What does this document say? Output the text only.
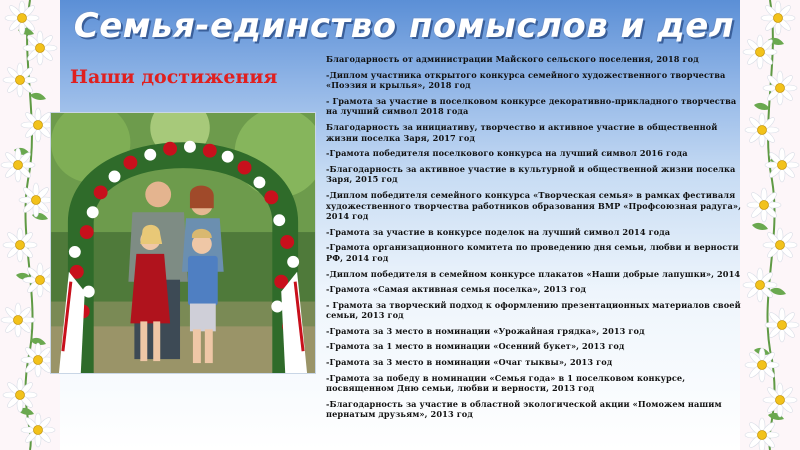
Семья-единство помыслов и дел
Наши достижения
Благодарность от администрации Майского сельского поселения, 2018 год
-Диплом участника открытого конкурса семейного художественного творчества «Поэзия и крылья», 2018 год
- Грамота за участие в поселковом конкурсе декоративно-прикладного творчества на лучший символ 2018 года
Благодарность за инициативу, творчество и активное участие в общественной жизни поселка Заря, 2017 год
-Грамота победителя поселкового конкурса на лучший символ 2016 года
-Благодарность за активное участие в культурной и общественной жизни поселка Заря, 2015 год
-Диплом победителя семейного конкурса «Творческая семья» в рамках фестиваля художественного творчества работников образования ВМР «Профсоюзная радуга», 2014 год
-Грамота за участие в конкурсе поделок на лучший символ 2014 года
-Грамота организационного комитета по проведению дня семьи, любви и верности РФ, 2014 год
-Диплом победителя в семейном конкурсе плакатов «Наши добрые лапушки», 2014
-Грамота «Самая активная семья поселка», 2013 год
- Грамота за творческий подход к оформлению презентационных материалов своей семьи, 2013 год
-Грамота за 3 место в номинации «Урожайная грядка», 2013 год
-Грамота за 1 место в номинации «Осенний букет», 2013 год
-Грамота за 3 место в номинации «Очаг тыквы», 2013 год
-Грамота за победу в номинации «Семья года» в 1 поселковом конкурсе, посвященном Дню семьи, любви и верности, 2013 год
-Благодарность за участие в областной экологической акции «Поможем нашим пернатым друзьям», 2013 год
